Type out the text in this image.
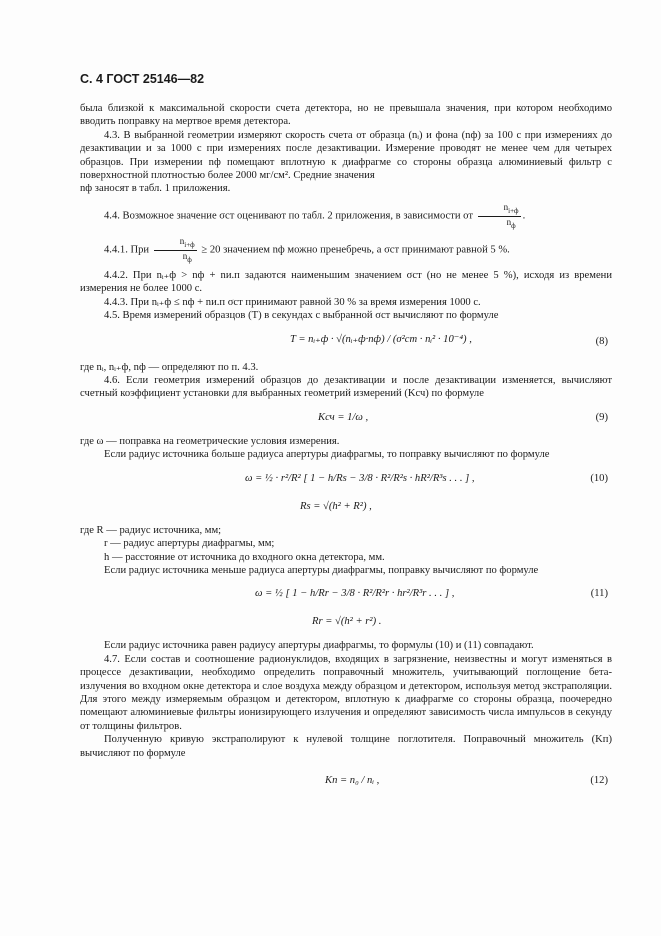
С. 4 ГОСТ 25146—82

была близкой к максимальной скорости счета детектора, но не превышала значения, при котором необходимо вводить поправку на мертвое время детектора.

4.3. В выбранной геометрии измеряют скорость счета от образца (nᵢ) и фона (nф) за 100 с при измерениях до дезактивации и за 1000 с при измерениях после дезактивации. Измерение проводят не менее чем для четырех образцов. При измерении nф помещают вплотную к диафрагме со стороны образца алюминиевый фильтр с поверхностной плотностью более 2000 мг/см². Средние значения

nф заносят в табл. 1 приложения.

4.4. Возможное значение σст оценивают по табл. 2 приложения, в зависимости от $\frac{n_{i+ф}}{n_ф}$ .

4.4.1. При $\frac{n_{i+ф}}{n_ф} \ge 20$ значением nф можно пренебречь, а σст принимают равной 5 %.

4.4.2. При nᵢ₊ф > nф + nи.п задаются наименьшим значением σст (но не менее 5 %), исходя из времени измерения не более 1000 с.

4.4.3. При nᵢ₊ф ≤ nф + nи.п σст принимают равной 30 % за время измерения 1000 с.

4.5. Время измерений образцов (T) в секундах с выбранной σст вычисляют по формуле

T = nᵢ₊ф · √(nᵢ₊ф·nф) / (σ²ст · nᵢ² · 10⁻⁴) ,	(8)

где nᵢ, nᵢ₊ф, nф — определяют по п. 4.3.

4.6. Если геометрия измерений образцов до дезактивации и после дезактивации изменяется, вычисляют счетный коэффициент установки для выбранных геометрий измерений (Kсч) по формуле

Kсч = 1/ω ,	(9)

где ω — поправка на геометрические условия измерения.

Если радиус источника больше радиуса апертуры диафрагмы, то поправку вычисляют по формуле

ω = ½ · r²/R² [ 1 − h/Rs − 3/8 · R²/R²s · hR²/R³s . . . ] ,	(10)
Rs = √(h² + R²) ,

где R — радиус источника, мм;

r — радиус апертуры диафрагмы, мм;

h — расстояние от источника до входного окна детектора, мм.

Если радиус источника меньше радиуса апертуры диафрагмы, поправку вычисляют по формуле

ω = ½ [ 1 − h/Rr − 3/8 · R²/R²r · hr²/R³r . . . ] ,	(11)
Rr = √(h² + r²) .

Если радиус источника равен радиусу апертуры диафрагмы, то формулы (10) и (11) совпадают.

4.7. Если состав и соотношение радионуклидов, входящих в загрязнение, неизвестны и могут изменяться в процессе дезактивации, необходимо определить поправочный множитель, учитывающий поглощение бета-излучения во входном окне детектора и слое воздуха между образцом и детектором, используя метод экстраполяции. Для этого между измеряемым образцом и детектором, вплотную к диафрагме со стороны образца, поочередно помещают алюминиевые фильтры ионизирующего излучения и определяют зависимость числа импульсов в секунду от толщины фильтров.

Полученную кривую экстраполируют к нулевой толщине поглотителя. Поправочный множитель (Kп) вычисляют по формуле

Kп = n₀ / nᵢ ,	(12)
